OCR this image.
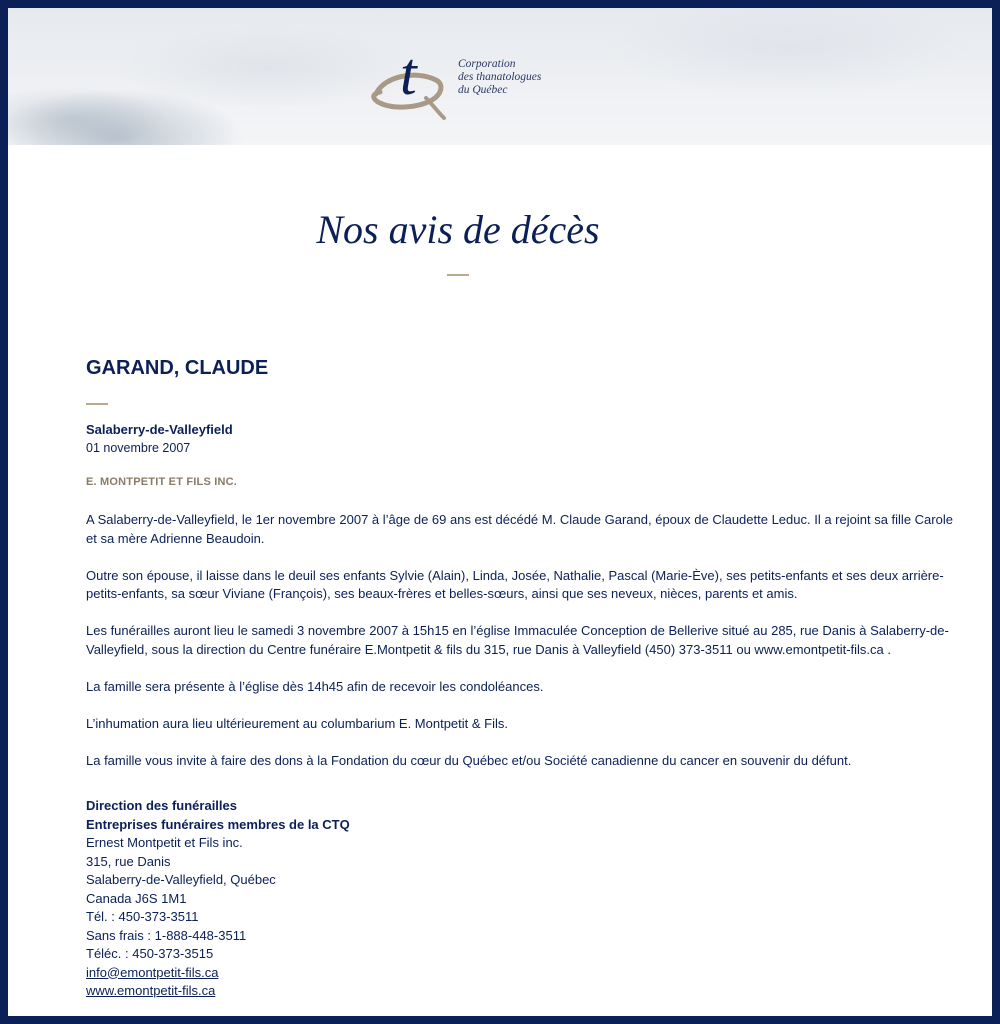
t	Corporation
des thanatologues
du Québec
Nos avis de décès
GARAND, CLAUDE
Salaberry-de-Valleyfield
01 novembre 2007
E. MONTPETIT ET FILS INC.

A Salaberry-de-Valleyfield, le 1er novembre 2007 à l’âge de 69 ans est décédé M. Claude Garand, époux de Claudette Leduc. Il a rejoint sa fille Carole et sa mère Adrienne Beaudoin.

Outre son épouse, il laisse dans le deuil ses enfants Sylvie (Alain), Linda, Josée, Nathalie, Pascal (Marie-Ève), ses petits-enfants et ses deux arrière-petits-enfants, sa sœur Viviane (François), ses beaux-frères et belles-sœurs, ainsi que ses neveux, nièces, parents et amis.

Les funérailles auront lieu le samedi 3 novembre 2007 à 15h15 en l’église Immaculée Conception de Bellerive situé au 285, rue Danis à Salaberry-de-Valleyfield, sous la direction du Centre funéraire E.Montpetit & fils du 315, rue Danis à Valleyfield (450) 373-3511 ou www.emontpetit-fils.ca .

La famille sera présente à l’église dès 14h45 afin de recevoir les condoléances.

L’inhumation aura lieu ultérieurement au columbarium E. Montpetit & Fils.

La famille vous invite à faire des dons à la Fondation du cœur du Québec et/ou Société canadienne du cancer en souvenir du défunt.

Direction des funérailles
Entreprises funéraires membres de la CTQ
Ernest Montpetit et Fils inc.
315, rue Danis
Salaberry-de-Valleyfield, Québec
Canada J6S 1M1
Tél. : 450-373-3511
Sans frais : 1-888-448-3511
Téléc. : 450-373-3515
info@emontpetit-fils.ca
www.emontpetit-fils.ca
